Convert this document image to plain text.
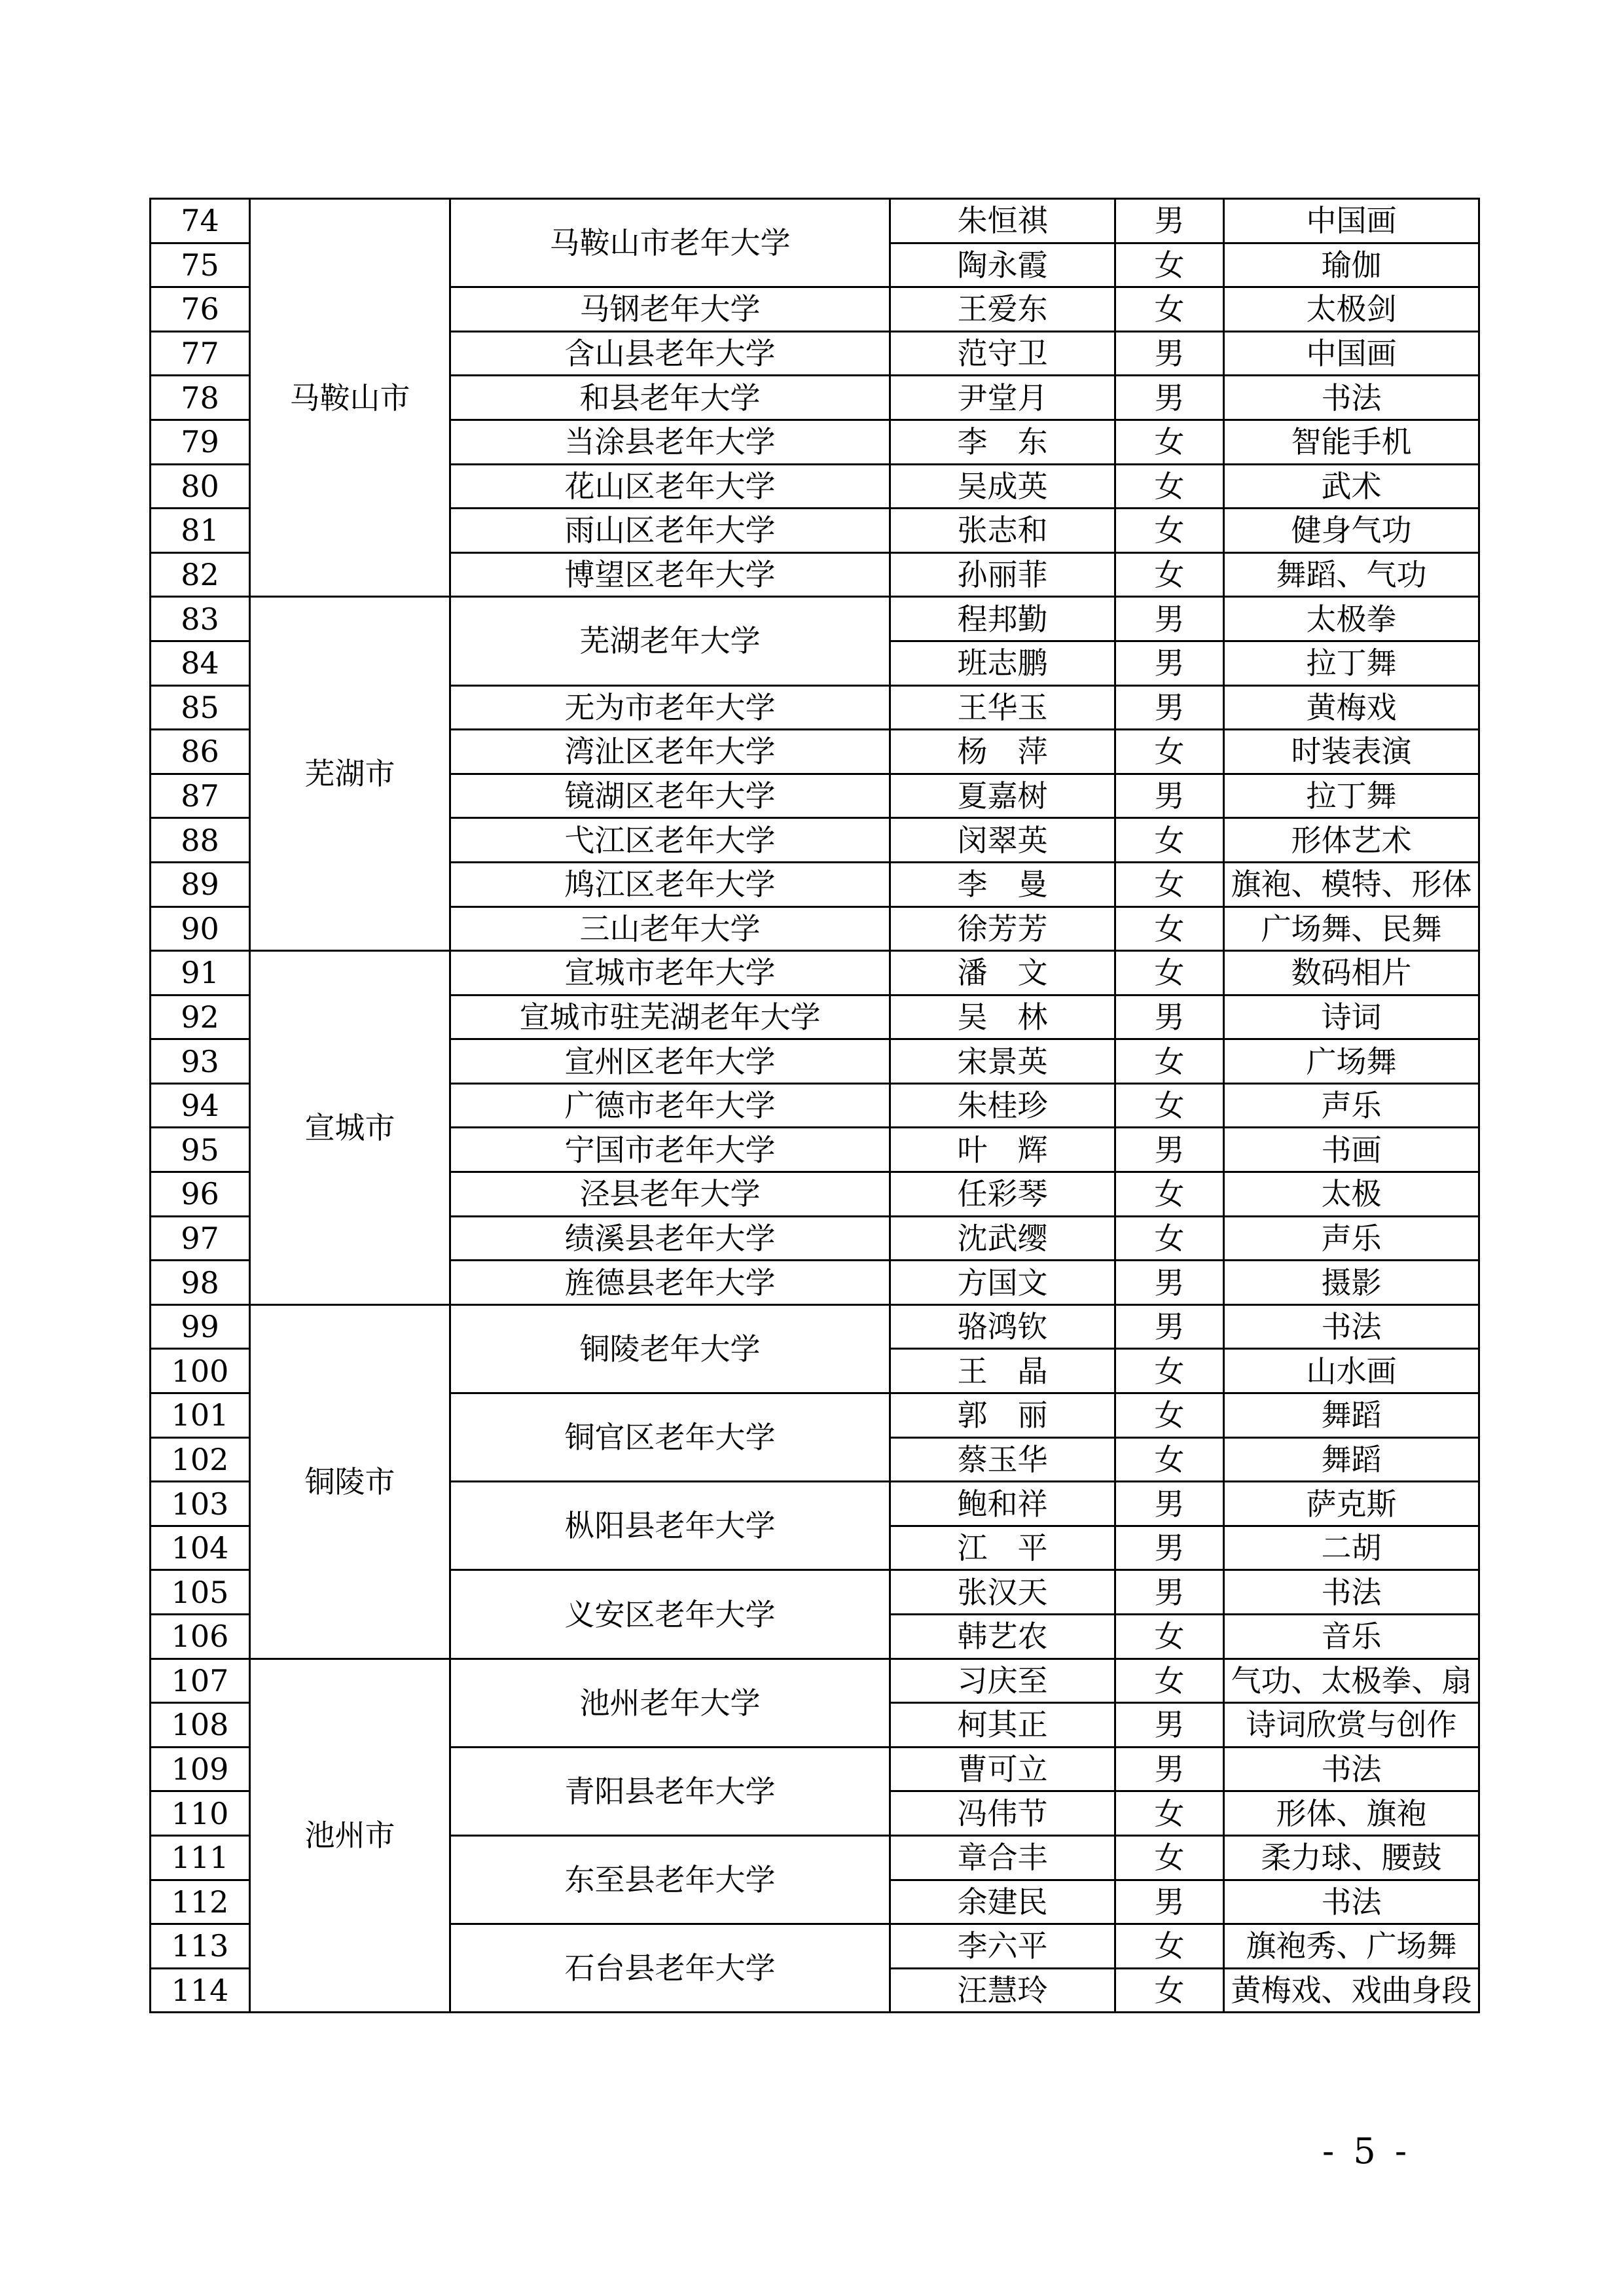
74	马鞍山市	马鞍山市老年大学	朱恒祺	男	中国画
75			陶永霞	女	瑜伽
76		马钢老年大学	王爱东	女	太极剑
77		含山县老年大学	范守卫	男	中国画
78		和县老年大学	尹堂月	男	书法
79		当涂县老年大学	李　东	女	智能手机
80		花山区老年大学	吴成英	女	武术
81		雨山区老年大学	张志和	女	健身气功
82		博望区老年大学	孙丽菲	女	舞蹈、气功
83	芜湖市	芜湖老年大学	程邦勤	男	太极拳
84			班志鹏	男	拉丁舞
85		无为市老年大学	王华玉	男	黄梅戏
86		湾沚区老年大学	杨　萍	女	时装表演
87		镜湖区老年大学	夏嘉树	男	拉丁舞
88		弋江区老年大学	闵翠英	女	形体艺术
89		鸠江区老年大学	李　曼	女	旗袍、模特、形体
90		三山老年大学	徐芳芳	女	广场舞、民舞
91	宣城市	宣城市老年大学	潘　文	女	数码相片
92		宣城市驻芜湖老年大学	吴　林	男	诗词
93		宣州区老年大学	宋景英	女	广场舞
94		广德市老年大学	朱桂珍	女	声乐
95		宁国市老年大学	叶　辉	男	书画
96		泾县老年大学	任彩琴	女	太极
97		绩溪县老年大学	沈武缨	女	声乐
98		旌德县老年大学	方国文	男	摄影
99	铜陵市	铜陵老年大学	骆鸿钦	男	书法
100			王　晶	女	山水画
101		铜官区老年大学	郭　丽	女	舞蹈
102			蔡玉华	女	舞蹈
103		枞阳县老年大学	鲍和祥	男	萨克斯
104			江　平	男	二胡
105		义安区老年大学	张汉天	男	书法
106			韩艺农	女	音乐
107	池州市	池州老年大学	习庆至	女	气功、太极拳、扇
108			柯其正	男	诗词欣赏与创作
109		青阳县老年大学	曹可立	男	书法
110			冯伟节	女	形体、旗袍
111		东至县老年大学	章合丰	女	柔力球、腰鼓
112			余建民	男	书法
113		石台县老年大学	李六平	女	旗袍秀、广场舞
114			汪慧玲	女	黄梅戏、戏曲身段
- 5 -
